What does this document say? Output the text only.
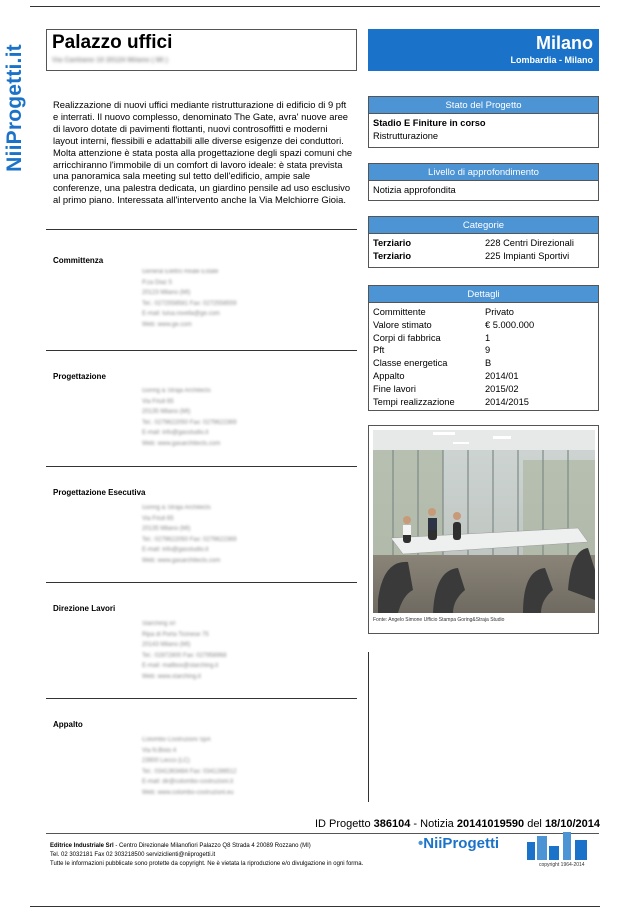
NiiProgetti.it
Palazzo uffici
Via Cantiano 10 20124 Milano ( MI )
Milano
Lombardia - Milano
Realizzazione di nuovi uffici mediante ristrutturazione di edificio di 9 pft e interrati. Il nuovo complesso, denominato The Gate, avra' nuove aree di lavoro dotate di pavimenti flottanti, nuovi controsoffitti e moderni layout interni, flessibili e adattabili alle diverse esigenze dei conduttori. Molta attenzione è stata posta alla progettazione degli spazi comuni che arricchiranno l'immobile di un comfort di lavoro ideale: è stata prevista una panoramica sala meeting sul tetto dell'edificio, ampie sale conferenze, una palestra dedicata, un giardino pensile ad uso esclusivo al primo piano. Interessata all'intervento anche la Via Melchiorre Gioia.
Committenza
General Elettro Reale Estate
P.za Diaz 5
20123 Milano (MI)
Tel.: 0272558581 Fax: 0272558559
E-mail: luisa.rovella@ge.com
Web: www.ge.com
Progettazione
Goring & Straja Architects
Via Friuli 65
20135 Milano (MI)
Tel.: 0279622050 Fax: 0279622369
E-mail: info@gasstudio.it
Web: www.gasarchitects.com
Progettazione Esecutiva
Goring & Straja Architects
Via Friuli 65
20135 Milano (MI)
Tel.: 0279622050 Fax: 0279622369
E-mail: info@gasstudio.it
Web: www.gasarchitects.com
Direzione Lavori
Starching srl
Ripa di Porta Ticinese 75
20143 Milano (MI)
Tel.: 02872800 Fax: 027958968
E-mail: mailbox@starching.it
Web: www.starching.it
Appalto
Colombo Costruzioni SpA
Via N.Bixio 4
23900 Lecco (LC)
Tel.: 0341363484 Fax: 0341286512
E-mail: dir@colombo-costruzioni.it
Web: www.colombo-costruzioni.eu
Stato del Progetto
Stadio E Finiture in corso
Ristrutturazione
Livello di approfondimento
Notizia approfondita
Categorie
Terziario	228 Centri Direzionali
Terziario	225 Impianti Sportivi
Dettagli
Committente	Privato
Valore stimato	€ 5.000.000
Corpi di fabbrica	1
Pft	9
Classe energetica	B
Appalto	2014/01
Fine lavori	2015/02
Tempi realizzazione	2014/2015
Fonte: Angelo Simone Ufficio Stampa Goring&Straja Studio
ID Progetto 386104 - Notizia 20141019590 del 18/10/2014
Editrice Industriale Srl - Centro Direzionale Milanofiori Palazzo Q8 Strada 4 20089 Rozzano (MI)
Tel. 02 3032181 Fax 02 303218500 serviziclienti@niiprogetti.it
Tutte le informazioni pubblicate sono protette da copyright. Ne è vietata la riproduzione e/o divulgazione in ogni forma.
•NiiProgetti
copyright 1964-2014
